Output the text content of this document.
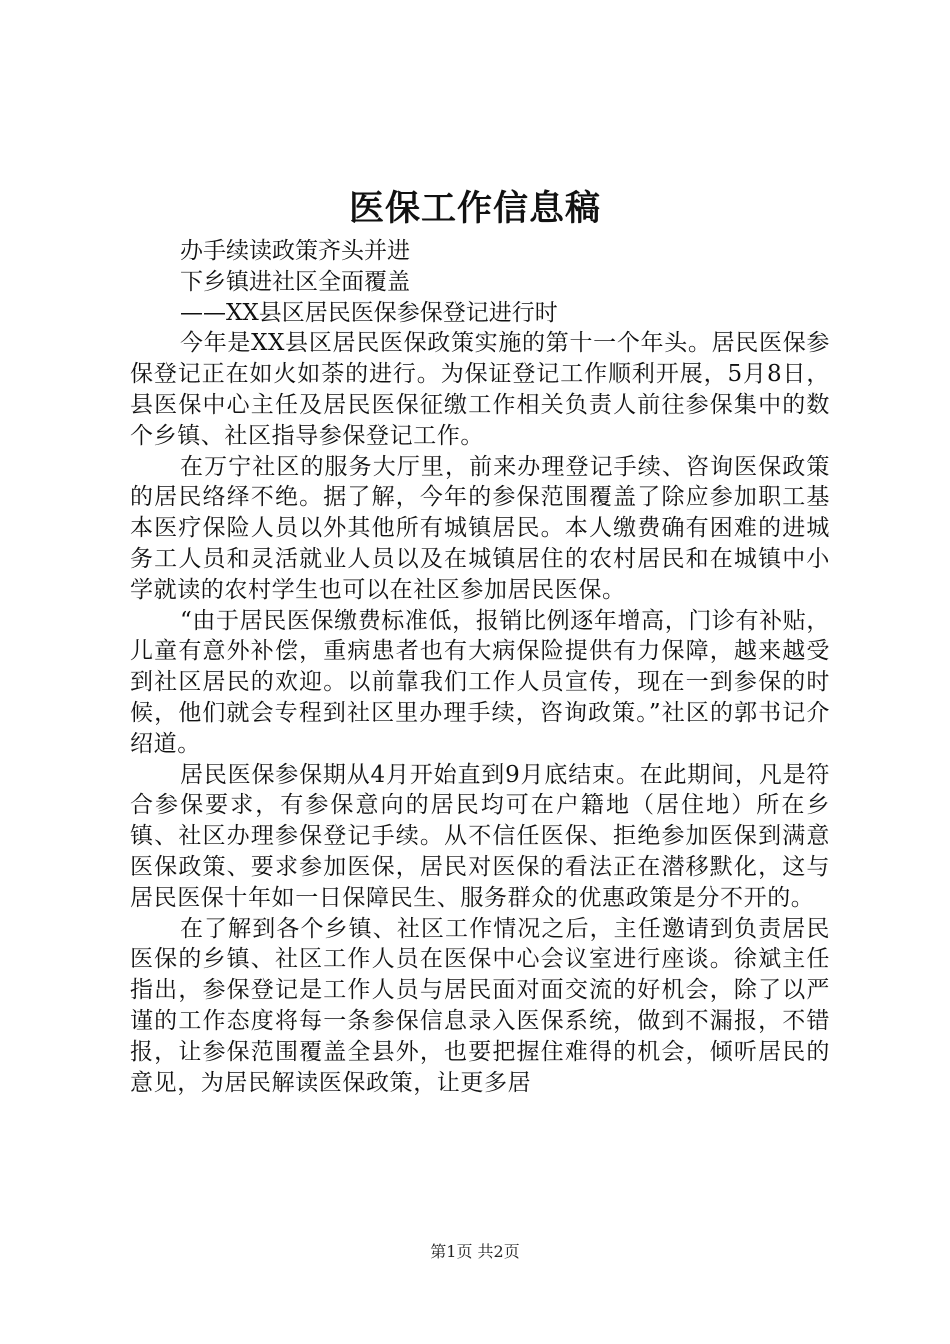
医保工作信息稿

办手续读政策齐头并进

下乡镇进社区全面覆盖

——XX县区居民医保参保登记进行时

今年是XX县区居民医保政策实施的第十一个年头。居民医保参保登记正在如火如荼的进行。为保证登记工作顺利开展，5月8日，县医保中心主任及居民医保征缴工作相关负责人前往参保集中的数个乡镇、社区指导参保登记工作。

在万宁社区的服务大厅里，前来办理登记手续、咨询医保政策的居民络绎不绝。据了解，今年的参保范围覆盖了除应参加职工基本医疗保险人员以外其他所有城镇居民。本人缴费确有困难的进城务工人员和灵活就业人员以及在城镇居住的农村居民和在城镇中小学就读的农村学生也可以在社区参加居民医保。

“由于居民医保缴费标准低，报销比例逐年增高，门诊有补贴，儿童有意外补偿，重病患者也有大病保险提供有力保障，越来越受到社区居民的欢迎。以前靠我们工作人员宣传，现在一到参保的时候，他们就会专程到社区里办理手续，咨询政策。”社区的郭书记介绍道。

居民医保参保期从4月开始直到9月底结束。在此期间，凡是符合参保要求，有参保意向的居民均可在户籍地（居住地）所在乡镇、社区办理参保登记手续。从不信任医保、拒绝参加医保到满意医保政策、要求参加医保，居民对医保的看法正在潜移默化，这与居民医保十年如一日保障民生、服务群众的优惠政策是分不开的。

在了解到各个乡镇、社区工作情况之后，主任邀请到负责居民医保的乡镇、社区工作人员在医保中心会议室进行座谈。徐斌主任指出，参保登记是工作人员与居民面对面交流的好机会，除了以严谨的工作态度将每一条参保信息录入医保系统，做到不漏报，不错报，让参保范围覆盖全县外，也要把握住难得的机会，倾听居民的意见，为居民解读医保政策，让更多居

第1页 共2页
